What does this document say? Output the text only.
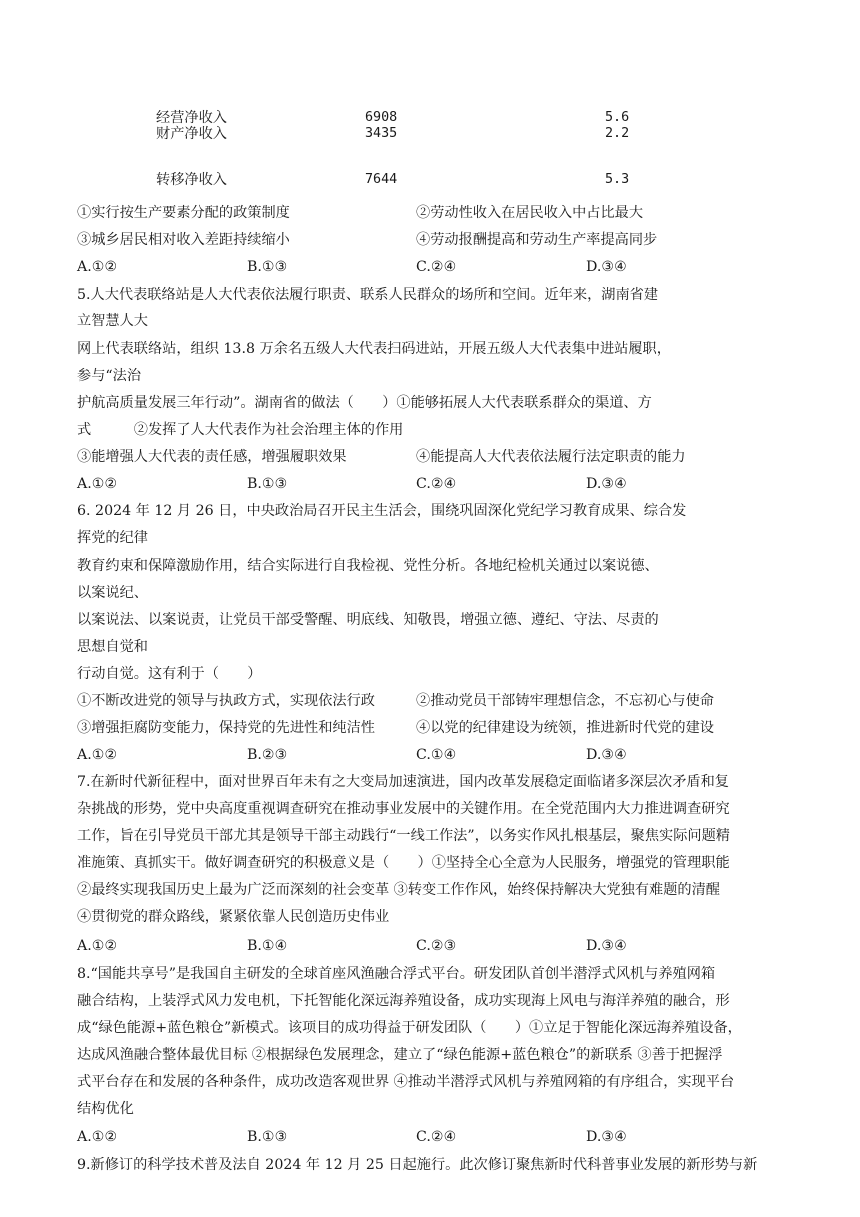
经营净收入	6908	5.6
财产净收入	3435	2.2
转移净收入	7644	5.3
①实行按生产要素分配的政策制度	②劳动性收入在居民收入中占比最大
③城乡居民相对收入差距持续缩小	④劳动报酬提高和劳动生产率提高同步
A.①②	B.①③	C.②④	D.③④
5.人大代表联络站是人大代表依法履行职责、联系人民群众的场所和空间。近年来，湖南省建
立智慧人大
网上代表联络站，组织 13.8 万余名五级人大代表扫码进站，开展五级人大代表集中进站履职，
参与“法治
护航高质量发展三年行动”。湖南省的做法（　　）①能够拓展人大代表联系群众的渠道、方
式　　　②发挥了人大代表作为社会治理主体的作用
③能增强人大代表的责任感，增强履职效果	④能提高人大代表依法履行法定职责的能力
A.①②	B.①③	C.②④	D.③④
6. 2024 年 12 月 26 日，中央政治局召开民主生活会，围绕巩固深化党纪学习教育成果、综合发
挥党的纪律
教育约束和保障激励作用，结合实际进行自我检视、党性分析。各地纪检机关通过以案说德、
以案说纪、
以案说法、以案说责，让党员干部受警醒、明底线、知敬畏，增强立德、遵纪、守法、尽责的
思想自觉和
行动自觉。这有利于（　　）
①不断改进党的领导与执政方式，实现依法行政	②推动党员干部铸牢理想信念，不忘初心与使命
③增强拒腐防变能力，保持党的先进性和纯洁性	④以党的纪律建设为统领，推进新时代党的建设
A.①②	B.②③	C.①④	D.③④
7.在新时代新征程中，面对世界百年未有之大变局加速演进，国内改革发展稳定面临诸多深层次矛盾和复
杂挑战的形势，党中央高度重视调查研究在推动事业发展中的关键作用。在全党范围内大力推进调查研究
工作，旨在引导党员干部尤其是领导干部主动践行“一线工作法”，以务实作风扎根基层，聚焦实际问题精
准施策、真抓实干。做好调查研究的积极意义是（　　）①坚持全心全意为人民服务，增强党的管理职能
②最终实现我国历史上最为广泛而深刻的社会变革 ③转变工作作风，始终保持解决大党独有难题的清醒
④贯彻党的群众路线，紧紧依靠人民创造历史伟业
A.①②	B.①④	C.②③	D.③④
8.“国能共享号”是我国自主研发的全球首座风渔融合浮式平台。研发团队首创半潜浮式风机与养殖网箱
融合结构，上装浮式风力发电机，下托智能化深远海养殖设备，成功实现海上风电与海洋养殖的融合，形
成“绿色能源+蓝色粮仓”新模式。该项目的成功得益于研发团队（　　）①立足于智能化深远海养殖设备，
达成风渔融合整体最优目标 ②根据绿色发展理念，建立了“绿色能源+蓝色粮仓”的新联系 ③善于把握浮
式平台存在和发展的各种条件，成功改造客观世界 ④推动半潜浮式风机与养殖网箱的有序组合，实现平台
结构优化
A.①②	B.①③	C.②④	D.③④
9.新修订的科学技术普及法自 2024 年 12 月 25 日起施行。此次修订聚焦新时代科普事业发展的新形势与新
